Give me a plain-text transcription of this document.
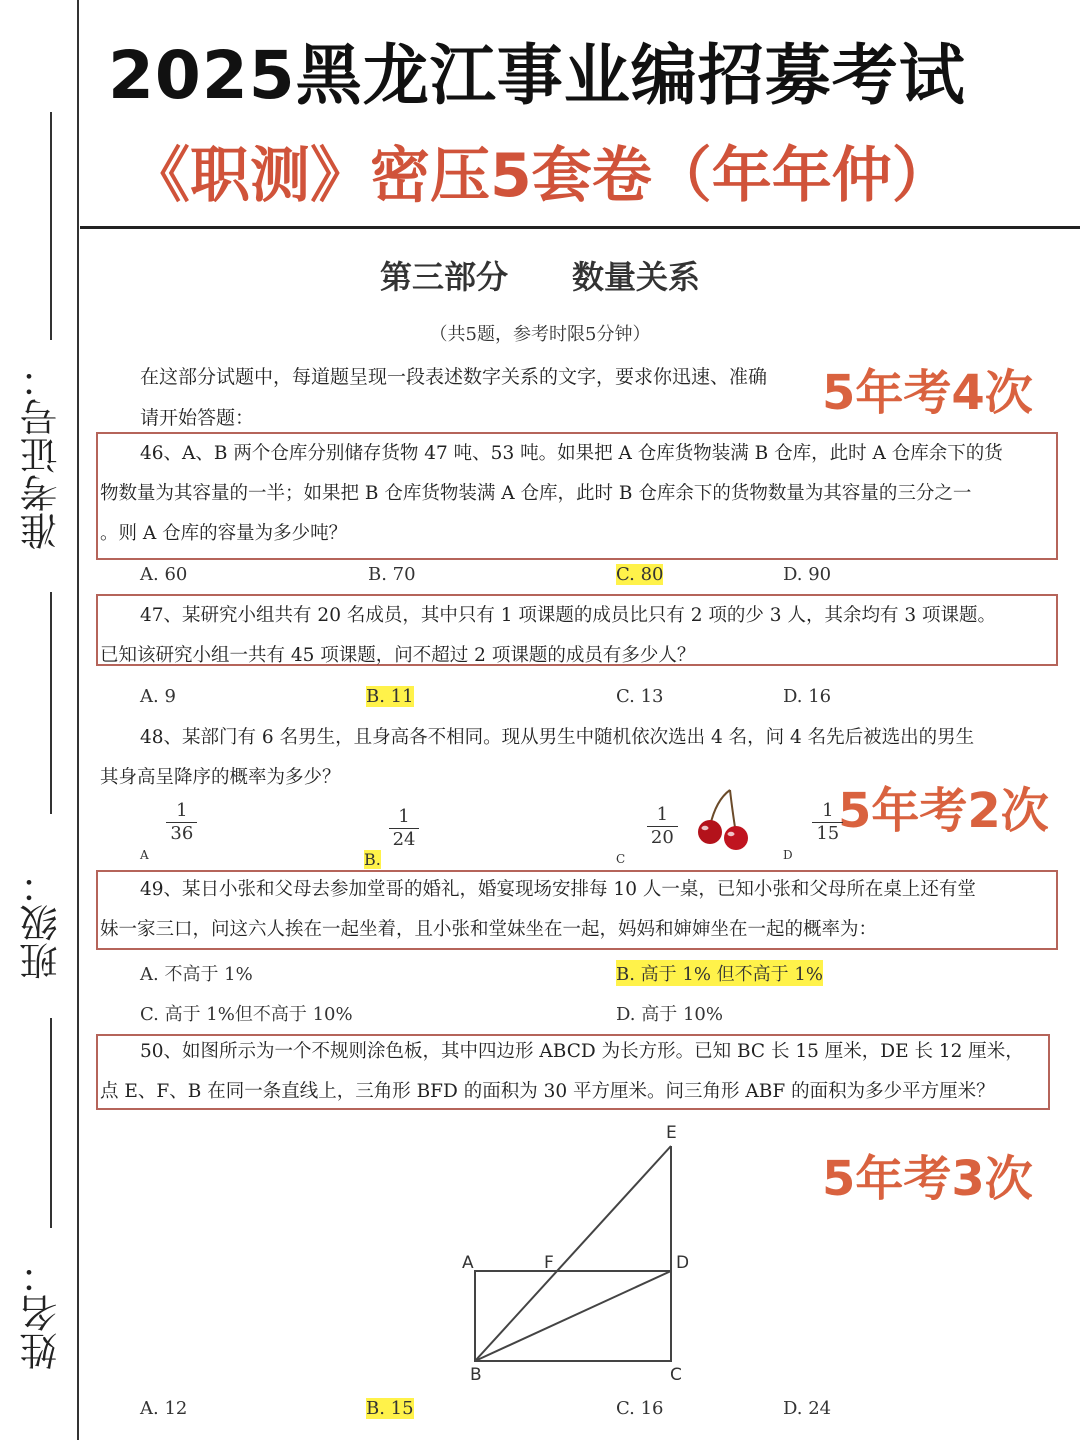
2025黑龙江事业编招募考试
《职测》密压5套卷（年年仲）
准考证号：
班级：
姓名：
第三部分　　数量关系
（共5题，参考时限5分钟）
在这部分试题中，每道题呈现一段表述数字关系的文字，要求你迅速、准确
请开始答题：	5年考4次
5年考2次
5年考3次
46、A、B 两个仓库分别储存货物 47 吨、53 吨。如果把 A 仓库货物装满 B 仓库，此时 A 仓库余下的货
物数量为其容量的一半；如果把 B 仓库货物装满 A 仓库，此时 B 仓库余下的货物数量为其容量的三分之一
。则 A 仓库的容量为多少吨？
A. 60	B. 70	C. 80	D. 90
47、某研究小组共有 20 名成员，其中只有 1 项课题的成员比只有 2 项的少 3 人，其余均有 3 项课题。
已知该研究小组一共有 45 项课题，问不超过 2 项课题的成员有多少人？
A. 9	B. 11	C. 13	D. 16
48、某部门有 6 名男生，且身高各不相同。现从男生中随机依次选出 4 名，问 4 名先后被选出的男生
其身高呈降序的概率为多少？
$_A$
$\frac{1}{36}$
B.
$\frac{1}{24}$
$_C$
$\frac{1}{20}$
$_D$
$\frac{1}{15}$
49、某日小张和父母去参加堂哥的婚礼，婚宴现场安排每 10 人一桌，已知小张和父母所在桌上还有堂
妹一家三口，问这六人挨在一起坐着，且小张和堂妹坐在一起，妈妈和婶婶坐在一起的概率为：
A. 不高于 1%	B. 高于 1% 但不高于 1%
C. 高于 1%但不高于 10%	D. 高于 10%
50、如图所示为一个不规则涂色板，其中四边形 ABCD 为长方形。已知 BC 长 15 厘米，DE 长 12 厘米，
点 E、F、B 在同一条直线上，三角形 BFD 的面积为 30 平方厘米。问三角形 ABF 的面积为多少平方厘米？
E
A	F	D
B	C
A. 12	B. 15	C. 16	D. 24
